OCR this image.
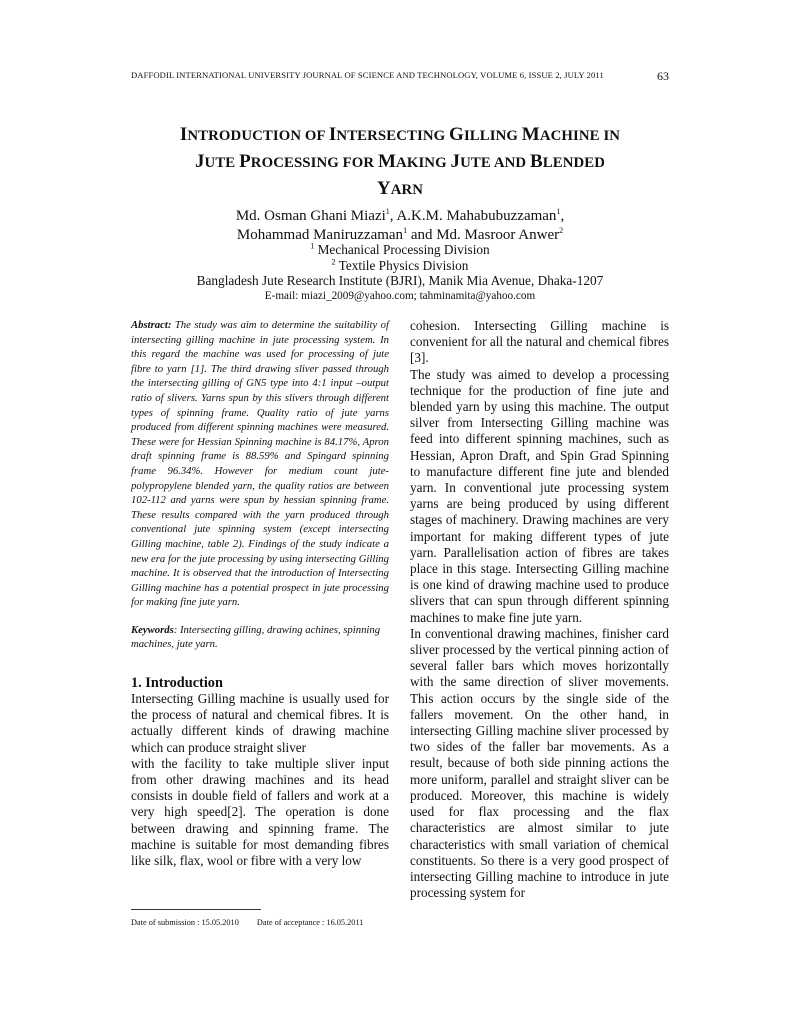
DAFFODIL INTERNATIONAL UNIVERSITY JOURNAL OF SCIENCE AND TECHNOLOGY, VOLUME 6, ISSUE 2, JULY 2011	63
INTRODUCTION OF INTERSECTING GILLING MACHINE IN
JUTE PROCESSING FOR MAKING JUTE AND BLENDED
YARN
Md. Osman Ghani Miazi$^1$, A.K.M. Mahabubuzzaman$^1$,
Mohammad Maniruzzaman$^1$ and Md. Masroor Anwer$^2$
$^1$ Mechanical Processing Division
$^2$ Textile Physics Division
Bangladesh Jute Research Institute (BJRI), Manik Mia Avenue, Dhaka-1207
E-mail: miazi_2009@yahoo.com; tahminamita@yahoo.com

Abstract: The study was aim to determine the suitability of intersecting gilling machine in jute processing system. In this regard the machine was used for processing of jute fibre to yarn [1]. The third drawing sliver passed through the intersecting gilling of GN5 type into 4:1 input –output ratio of slivers. Yarns spun by this slivers through different types of spinning frame. Quality ratio of jute yarns produced from different spinning machines were measured. These were for Hessian Spinning machine is 84.17%, Apron draft spinning frame is 88.59% and Spingard spinning frame 96.34%. However for medium count jute-polypropylene blended yarn, the quality ratios are between 102-112 and yarns were spun by hessian spinning frame. These results compared with the yarn produced through conventional jute spinning system (except intersecting Gilling machine, table 2). Findings of the study indicate a new era for the jute processing by using intersecting Gilling machine. It is observed that the introduction of Intersecting Gilling machine has a potential prospect in jute processing for making fine jute yarn.

Keywords: Intersecting gilling, drawing achines, spinning machines, jute yarn.

1. Introduction

Intersecting Gilling machine is usually used for the process of natural and chemical fibres. It is actually different kinds of drawing machine which can produce straight sliver

with the facility to take multiple sliver input from other drawing machines and its head consists in double field of fallers and work at a very high speed[2]. The operation is done between drawing and spinning frame. The machine is suitable for most demanding fibres like silk, flax, wool or fibre with a very low

cohesion. Intersecting Gilling machine is convenient for all the natural and chemical fibres [3].

The study was aimed to develop a processing technique for the production of fine jute and blended yarn by using this machine. The output silver from Intersecting Gilling machine was feed into different spinning machines, such as Hessian, Apron Draft, and Spin Grad Spinning to manufacture different fine jute and blended yarn. In conventional jute processing system yarns are being produced by using different stages of machinery. Drawing machines are very important for making different types of jute yarn. Parallelisation action of fibres are takes place in this stage. Intersecting Gilling machine is one kind of drawing machine used to produce slivers that can spun through different spinning machines to make fine jute yarn.

In conventional drawing machines, finisher card sliver processed by the vertical pinning action of several faller bars which moves horizontally with the same direction of sliver movements. This action occurs by the single side of the fallers movement. On the other hand, in intersecting Gilling machine sliver processed by two sides of the faller bar movements. As a result, because of both side pinning actions the more uniform, parallel and straight sliver can be produced. Moreover, this machine is widely used for flax processing and the flax characteristics are almost similar to jute characteristics with small variation of chemical constituents. So there is a very good prospect of intersecting Gilling machine to introduce in jute processing system for

Date of submission : 15.05.2010 Date of acceptance : 16.05.2011
